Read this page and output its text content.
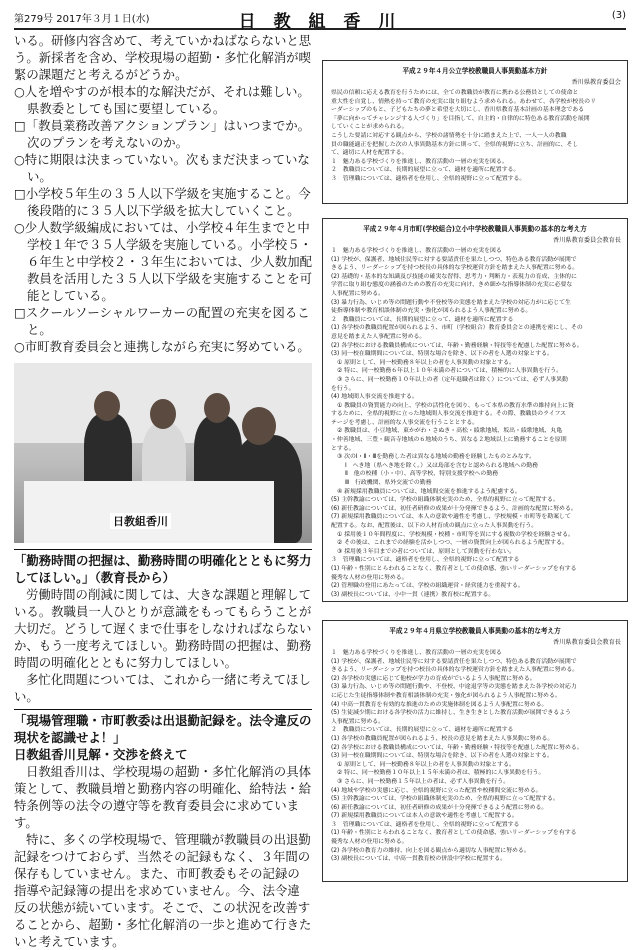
第279号 2017年３月１日(水)	日 教 組 香 川	(3)

いる。研修内容含めて、考えていかねばならないと思う。新採者を含め、学校現場の超勤・多忙化解消が喫緊の課題だと考えるがどうか。

○人を増やすのが根本的な解決だが、それは難しい。県教委としても国に要望している。

□「教員業務改善アクションプラン」はいつまでか。次のプランを考えないのか。

○特に期限は決まっていない。次もまだ決まっていない。

□小学校５年生の３５人以下学級を実施すること。今後段階的に３５人以下学級を拡大していくこと。

○少人数学級編成においては、小学校４年生までと中学校１年で３５人学級を実施している。小学校５・６年生と中学校２・３年生においては、少人数加配教員を活用した３５人以下学級を実施することを可能としている。

□スクールソーシャルワーカーの配置の充実を図ること。

○市町教育委員会と連携しながら充実に努めている。

日教組香川

「勤務時間の把握は、勤務時間の明確化とともに努力してほしい。」（教育長から）

労働時間の削減に関しては、大きな課題と理解している。教職員一人ひとりが意識をもってもらうことが大切だ。どうして遅くまで仕事をしなければならないか、もう一度考えてほしい。勤務時間の把握は、勤務時間の明確化とともに努力してほしい。

多忙化問題については、これから一緒に考えてほしい。

「現場管理職・市町教委は出退勤記録を。法令違反の現状を認識せよ！」

日教組香川見解・交渉を終えて

日教組香川は、学校現場の超勤・多忙化解消の具体策として、教職員増と勤務内容の明確化、給特法・給特条例等の法令の遵守等を教育委員会に求めています。

特に、多くの学校現場で、管理職が教職員の出退勤記録をつけておらず、当然その記録もなく、３年間の保存もしていません。また、市町教委もその記録の指導や記録簿の提出を求めていません。今、法令違反の状態が続いています。そこで、この状況を改善することから、超勤・多忙化解消の一歩と進めて行きたいと考えています。

平成２９年４月公立学校教職員人事異動基本方針
香川県教育委員会
県民の信頼に応える教育を行うためには、全ての教職員が教育に携わる公務員としての使命と
重大性を自覚し、情熱を持って教育の充実に取り組むよう求められる。あわせて、各学校が校長のリ
ーダーシップのもと、子どもたちの夢と希望を大切にし、香川県教育基本計画の基本理念である
「夢に向かってチャレンジする人づくり」を目指して、自主的・自律的に特色ある教育活動を展開
していくことが求められる。
こうした要請に対応する観点から、学校の諸情勢を十分に踏まえた上で、一人一人の教職
員の職能適正を把握した次の人事異動基本方針に則って、全県的視野に立ち、計画的に、そし
て、適切に人材を配置する。
１　魅力ある学校づくりを推進し、教育活動の一層の充実を図る。
２　教職員については、長期的展望に立って、適材を適所に配置する。
３　管理職については、適格者を登用し、全県的視野に立って配置する。
平成２９年４月市町(学校組合)立小中学校教職員人事異動の基本的な考え方
香川県教育委員会教育長
１　魅力ある学校づくりを推進し、教育活動の一層の充実を図る
(1) 学校が、保護者、地域住民等に対する要請責任を果たしつつ、特色ある教育活動が展開で
きるよう、リーダーシップを持つ校長の具体的な学校運営方針を踏まえた人事配置に努める。
(2) 基礎的・基本的な知識及び技能の確実な習得、思考力・判断力・表現力の育成、主体的に
学習に取り組む態度の涵養のための教育の充実に向け、きめ細かな指導体制の充実に必要な
人事配置に努める。
(3) 暴力行為、いじめ等の問題行動や不登校等の実態を踏まえた学校の対応力がに応じて生
徒指導体制や教育相談体制の充実・強化が図られるよう人事配置に努める。
２　教職員については、長期的展望に立って、適材を適所に配置する
(1) 各学校の教職員配置が図られるよう、市町（学校組合）教育委員会との連携を密にし、その
意見を踏まえた人事配置に努める。
(2) 各学校における教職員構成については、年齢・勤務経験・特技等を配慮した配置に努める。
(3) 同一校在職期間については、特別な場合を除き、以下の者を人選の対象とする。
① 原則として、同一校勤務８年以上の者を人事異動の対象とする。
② 特に、同一校勤務６年以上１０年未満の者については、積極的に人事異動を行う。
③ さらに、同一校勤務１０年以上の者（定年退職者は除く）については、必ず人事異動
を行う。
(4) 地域間人事交流を推進する。
① 教職員の資質能力の向上、学校の活性化を図り、もって本県の教育水準の維持向上に資
するために、全県的視野に立った地域間人事交流を推進する。その際、教職員のライフス
テージを考慮し、計画的な人事交流を行うこととする。
② 教職員は、小豆地域、東かがわ・さぬき・高松・綾歌地域、坂出・綾歌地域、丸亀
・仲善地域、三豊・観音寺地域の６地域のうち、異なる２地域以上に勤務することを原則
とする。
③ 次のⅠ・Ⅱ・Ⅲを勤務した者は異なる地域の勤務を経験したものとみなす。
Ⅰ　へき地（県へき地を除く。）又は島部を含むと認められる地域への勤務
Ⅱ　他の校種（小・中）、高等学校、特別支援学校への勤務
Ⅲ　行政機関、県外交流での勤務
④ 新規採用教職員については、地域間交流を推進するよう配慮する。
(5) 主幹教諭については、学校の組織体制充実のため、全県的視野に立って配置する。
(6) 新任教諭については、初任者研修の成果が十分発揮できるよう、計画的な配置に努める。
(7) 新規採用教職員については、本人の意欲や適性を考慮し、学校規模・市町等を勘案して
配置する。なお、配置後は、以下の人材育成の観点に立った人事異動を行う。
① 採用後１０年間程度に、学校規模・校種・市町等を異にする複数の学校を経験させる。
② その後は、これまでの経験を活かしつつ、一層の資質向上が図られるよう配置する。
③ 採用後３年目までの者については、原則として異動を行わない。
３　管理職については、適格者を登用し、全県的視野に立って配置する
(1) 年齢・性別にとらわれることなく、教育者としての使命感、強いリーダーシップを有する
優秀な人材の登用に努める。
(2) 管理職の登用にあたっては、学校の組織運営・経営能力を重視する。
(3) 副校長については、小中一貫（連携）教育校に配置する。
平成２９年４月県立学校教職員人事異動の基本的な考え方
香川県教育委員会教育長
１　魅力ある学校づくりを推進し、教育活動の一層の充実を図る
(1) 学校が、保護者、地域住民等に対する要請責任を果たしつつ、特色ある教育活動が展開で
きるよう、リーダーシップを持つ校長の具体的な学校運営方針を踏まえた人事配置に努める。
(2) 各学校の実態に応じて他校が学力の育成がでいるよう人事配置に努める。
(3) 暴力行為、いじめ等の問題行動や、不登校、中途退学等の実態を踏まえた各学校の対応力
に応じた生徒指導体制や教育相談体制の充実・強化が図られるよう人事配置に努める。
(4) 中高一貫教育を有効的な推進のための実施体制を図るよう人事配置に努める。
(5) 生徒減少期における各学校の活力に維持し、生き生きとした教育活動が展開できるよう
人事配置に努める。
２　教職員については、長期的展望に立って、適材を適所に配置する
(1) 各学校の教職員配置が図られるよう、校長の意見を踏まえた人事異動に努める。
(2) 各学校における教職員構成については、年齢・勤務経験・特技等を配慮した配置に努める。
(3) 同一校在職期間については、特別な場合を除き、以下の者を人選の対象とする。
① 原則として、同一校勤務８年以上の者を人事異動の対象とする。
② 特に、同一校勤務１０年以上１５年未満の者は、積極的に人事異動を行う。
③ さらに、同一校勤務１５年以上の者は、必ず人事異動を行う。
(4) 地域や学校の実態に応じ、全県的視野に立った配置や校種間交流に努める。
(5) 主幹教諭については、学校の組織体制充実のため、全県的視野に立って配置する。
(6) 新任教諭については、初任者研修の成果が十分発揮できるよう配置に努める。
(7) 新規採用教職員については本人の意欲や適性を考慮して配置する。
３　管理職については、適格者を登用し、全県的視野に立って配置する
(1) 年齢・性別にとらわれることなく、教育者としての使命感、強いリーダーシップを有する
優秀な人材の登用に努める。
(2) 各学校の教育力の維持、向上を図る観点から適切な人事配置に努める。
(3) 副校長については、中高一貫教育校の併設中学校に配置する。
